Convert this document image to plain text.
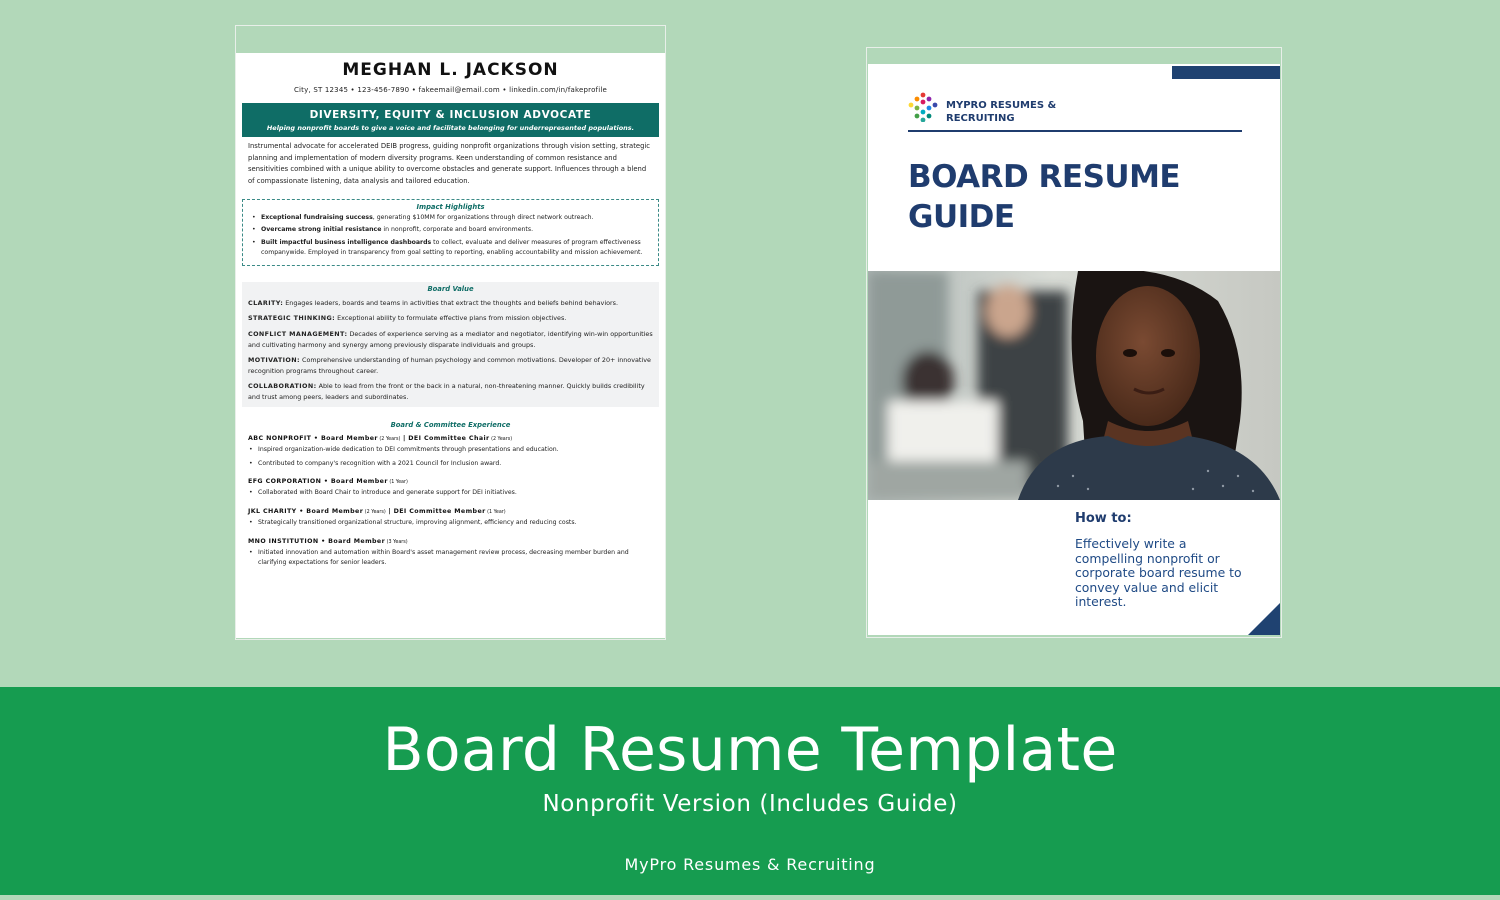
MEGHAN L. JACKSON
City, ST 12345 • 123-456-7890 • fakeemail@email.com • linkedin.com/in/fakeprofile
DIVERSITY, EQUITY & INCLUSION ADVOCATE
Helping nonprofit boards to give a voice and facilitate belonging for underrepresented populations.
Instrumental advocate for accelerated DEIB progress, guiding nonprofit organizations through vision setting, strategic planning and implementation of modern diversity programs. Keen understanding of common resistance and sensitivities combined with a unique ability to overcome obstacles and generate support. Influences through a blend of compassionate listening, data analysis and tailored education.
Impact Highlights
• Exceptional fundraising success, generating $10MM for organizations through direct network outreach.
• Overcame strong initial resistance in nonprofit, corporate and board environments.
• Built impactful business intelligence dashboards to collect, evaluate and deliver measures of program effectiveness companywide. Employed in transparency from goal setting to reporting, enabling accountability and mission achievement.
Board Value
CLARITY: Engages leaders, boards and teams in activities that extract the thoughts and beliefs behind behaviors.
STRATEGIC THINKING: Exceptional ability to formulate effective plans from mission objectives.
CONFLICT MANAGEMENT: Decades of experience serving as a mediator and negotiator, identifying win-win opportunities and cultivating harmony and synergy among previously disparate individuals and groups.
MOTIVATION: Comprehensive understanding of human psychology and common motivations. Developer of 20+ innovative recognition programs throughout career.
COLLABORATION: Able to lead from the front or the back in a natural, non-threatening manner. Quickly builds credibility and trust among peers, leaders and subordinates.
Board & Committee Experience
ABC NONPROFIT • Board Member (2 Years) | DEI Committee Chair (2 Years)
• Inspired organization-wide dedication to DEI commitments through presentations and education.
• Contributed to company's recognition with a 2021 Council for Inclusion award.
EFG CORPORATION • Board Member (1 Year)
• Collaborated with Board Chair to introduce and generate support for DEI initiatives.
JKL CHARITY • Board Member (2 Years) | DEI Committee Member (1 Year)
• Strategically transitioned organizational structure, improving alignment, efficiency and reducing costs.
MNO INSTITUTION • Board Member (3 Years)
• Initiated innovation and automation within Board's asset management review process, decreasing member burden and clarifying expectations for senior leaders.
MYPRO RESUMES &
RECRUITING
BOARD RESUME
GUIDE
How to:
Effectively write a compelling nonprofit or corporate board resume to convey value and elicit interest.
Board Resume Template
Nonprofit Version (Includes Guide)
MyPro Resumes & Recruiting
